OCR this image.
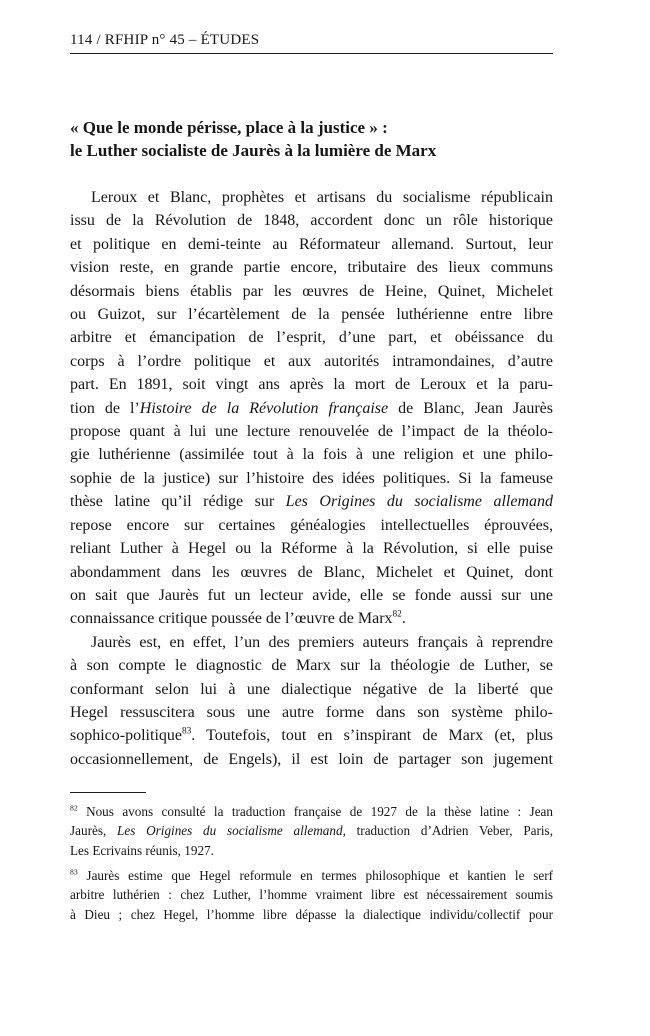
114 / RFHIP n° 45 – ÉTUDES
« Que le monde périsse, place à la justice » :
le Luther socialiste de Jaurès à la lumière de Marx
Leroux et Blanc, prophètes et artisans du socialisme républicain
issu de la Révolution de 1848, accordent donc un rôle historique
et politique en demi-teinte au Réformateur allemand. Surtout, leur
vision reste, en grande partie encore, tributaire des lieux communs
désormais biens établis par les œuvres de Heine, Quinet, Michelet
ou Guizot, sur l’écartèlement de la pensée luthérienne entre libre
arbitre et émancipation de l’esprit, d’une part, et obéissance du
corps à l’ordre politique et aux autorités intramondaines, d’autre
part. En 1891, soit vingt ans après la mort de Leroux et la paru-
tion de l’Histoire de la Révolution française de Blanc, Jean Jaurès
propose quant à lui une lecture renouvelée de l’impact de la théolo-
gie luthérienne (assimilée tout à la fois à une religion et une philo-
sophie de la justice) sur l’histoire des idées politiques. Si la fameuse
thèse latine qu’il rédige sur Les Origines du socialisme allemand
repose encore sur certaines généalogies intellectuelles éprouvées,
reliant Luther à Hegel ou la Réforme à la Révolution, si elle puise
abondamment dans les œuvres de Blanc, Michelet et Quinet, dont
on sait que Jaurès fut un lecteur avide, elle se fonde aussi sur une
connaissance critique poussée de l’œuvre de Marx$^{82}$.
Jaurès est, en effet, l’un des premiers auteurs français à reprendre
à son compte le diagnostic de Marx sur la théologie de Luther, se
conformant selon lui à une dialectique négative de la liberté que
Hegel ressuscitera sous une autre forme dans son système philo-
sophico-politique$^{83}$. Toutefois, tout en s’inspirant de Marx (et, plus
occasionnellement, de Engels), il est loin de partager son jugement
$^{82}$ Nous avons consulté la traduction française de 1927 de la thèse latine : Jean
Jaurès, Les Origines du socialisme allemand, traduction d’Adrien Veber, Paris,
Les Ecrivains réunis, 1927.
$^{83}$ Jaurès estime que Hegel reformule en termes philosophique et kantien le serf
arbitre luthérien : chez Luther, l’homme vraiment libre est nécessairement soumis
à Dieu ; chez Hegel, l’homme libre dépasse la dialectique individu/collectif pour
